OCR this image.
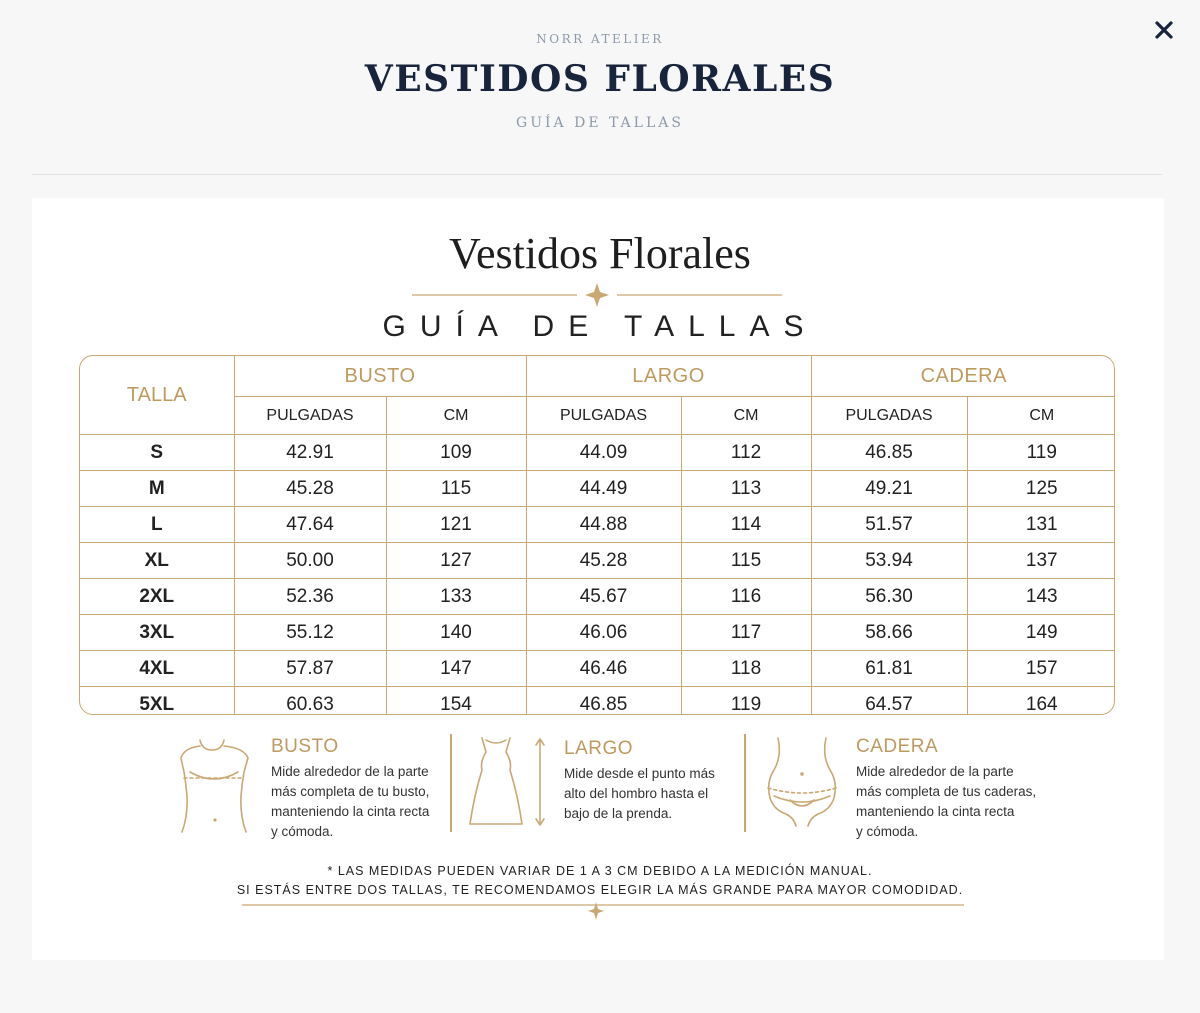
NORR ATELIER
VESTIDOS FLORALES
GUÍA DE TALLAS
Vestidos Florales
GUÍA DE TALLAS
TALLA	BUSTO		LARGO		CADERA	
	PULGADAS	CM	PULGADAS	CM	PULGADAS	CM
S	42.91	109	44.09	112	46.85	119
M	45.28	115	44.49	113	49.21	125
L	47.64	121	44.88	114	51.57	131
XL	50.00	127	45.28	115	53.94	137
2XL	52.36	133	45.67	116	56.30	143
3XL	55.12	140	46.06	117	58.66	149
4XL	57.87	147	46.46	118	61.81	157
5XL	60.63	154	46.85	119	64.57	164
BUSTO
Mide alrededor de la parte
más completa de tu busto,
manteniendo la cinta recta
y cómoda.
LARGO
Mide desde el punto más
alto del hombro hasta el
bajo de la prenda.
CADERA
Mide alrededor de la parte
más completa de tus caderas,
manteniendo la cinta recta
y cómoda.
* LAS MEDIDAS PUEDEN VARIAR DE 1 A 3 CM DEBIDO A LA MEDICIÓN MANUAL.
SI ESTÁS ENTRE DOS TALLAS, TE RECOMENDAMOS ELEGIR LA MÁS GRANDE PARA MAYOR COMODIDAD.
